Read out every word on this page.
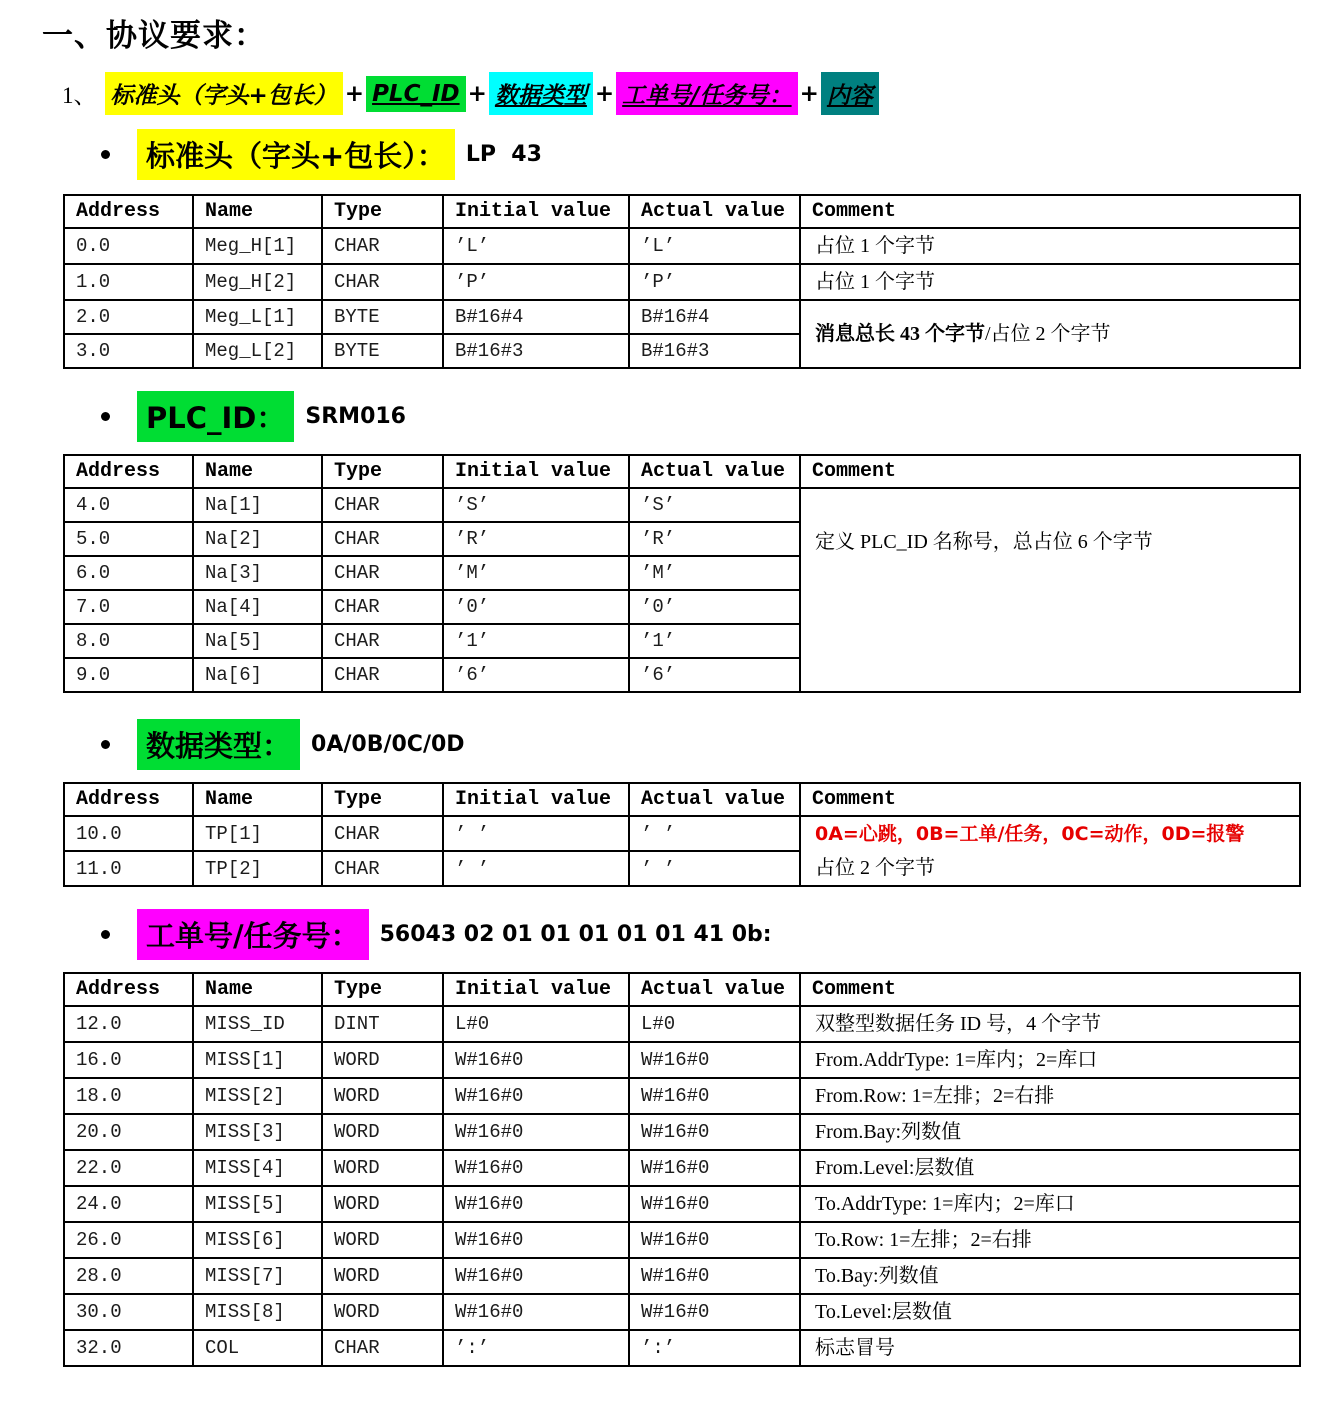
一、协议要求：
1、 标准头（字头+包长） + PLC_ID + 数据类型 + 工单号/任务号： + 内容
标准头（字头+包长）： LP  43
Address	Name	Type	Initial value	Actual value	Comment
0.0	Meg_H[1]	CHAR	’L’	’L’	占位 1 个字节

1.0	Meg_H[2]	CHAR	’P’	’P’	占位 1 个字节

2.0	Meg_L[1]	BYTE	B#16#4	B#16#4	消息总长 43 个字节/占位 2 个字节

3.0	Meg_L[2]	BYTE	B#16#3	B#16#3	
PLC_ID： SRM016
Address	Name	Type	Initial value	Actual value	Comment
4.0	Na[1]	CHAR	’S’	’S’	定义 PLC_ID 名称号，总占位 6 个字节

5.0	Na[2]	CHAR	’R’	’R’	
6.0	Na[3]	CHAR	’M’	’M’	
7.0	Na[4]	CHAR	’0’	’0’	
8.0	Na[5]	CHAR	’1’	’1’	
9.0	Na[6]	CHAR	’6’	’6’	
数据类型： 0A/0B/0C/0D
Address	Name	Type	Initial value	Actual value	Comment
10.0	TP[1]	CHAR	’ ’	’ ’	0A=心跳，0B=工单/任务，0C=动作，0D=报警
占位 2 个字节

11.0	TP[2]	CHAR	’ ’	’ ’	
工单号/任务号： 56043 02 01 01 01 01 01 41 0b:
Address	Name	Type	Initial value	Actual value	Comment
12.0	MISS_ID	DINT	L#0	L#0	双整型数据任务 ID 号，4 个字节

16.0	MISS[1]	WORD	W#16#0	W#16#0	From.AddrType: 1=库内；2=库口

18.0	MISS[2]	WORD	W#16#0	W#16#0	From.Row: 1=左排；2=右排

20.0	MISS[3]	WORD	W#16#0	W#16#0	From.Bay:列数值

22.0	MISS[4]	WORD	W#16#0	W#16#0	From.Level:层数值

24.0	MISS[5]	WORD	W#16#0	W#16#0	To.AddrType: 1=库内；2=库口

26.0	MISS[6]	WORD	W#16#0	W#16#0	To.Row: 1=左排；2=右排

28.0	MISS[7]	WORD	W#16#0	W#16#0	To.Bay:列数值

30.0	MISS[8]	WORD	W#16#0	W#16#0	To.Level:层数值

32.0	COL	CHAR	’:’	’:’	标志冒号
